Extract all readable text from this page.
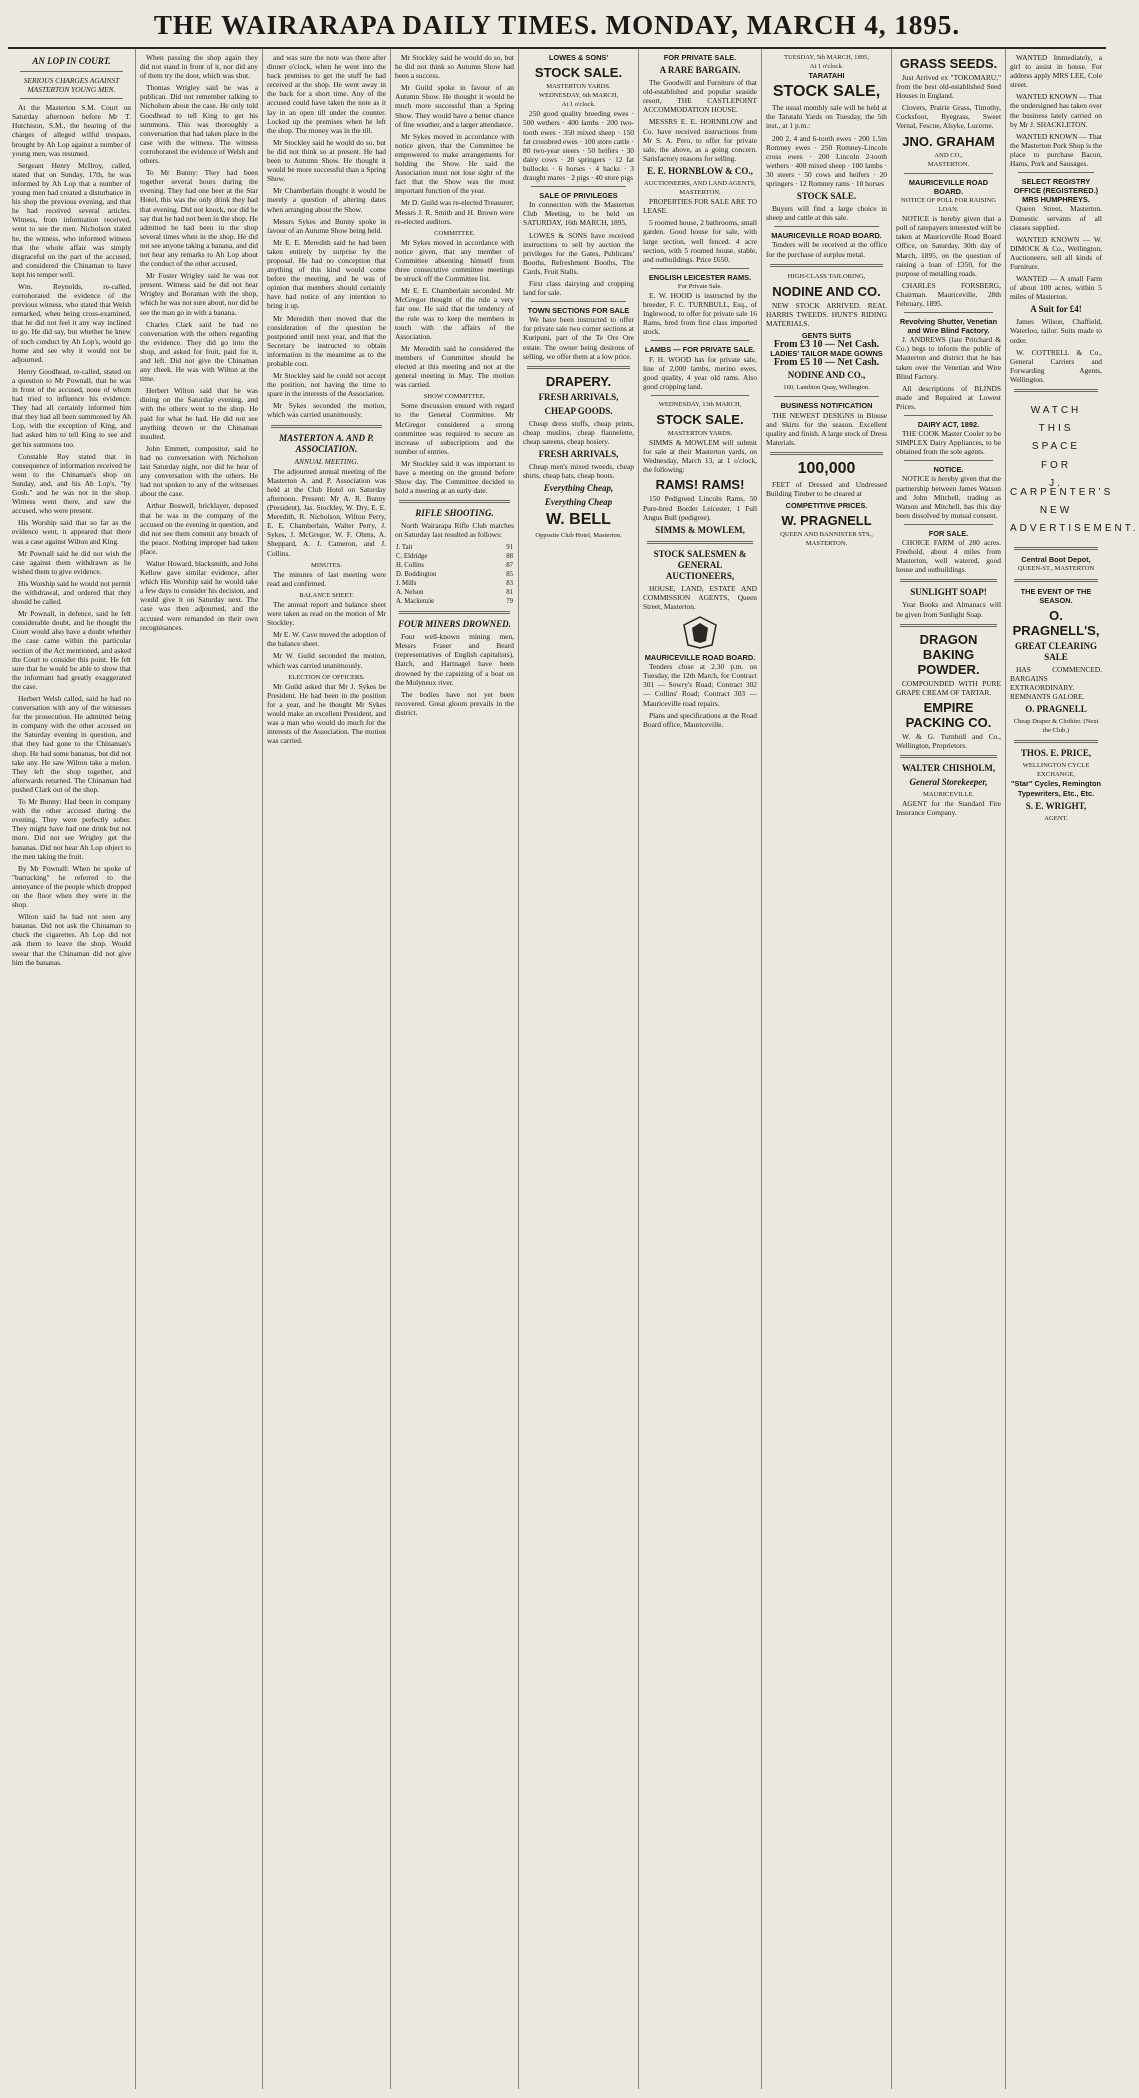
THE WAIRARAPA DAILY TIMES. MONDAY, MARCH 4, 1895.
AN LOP IN COURT.
SERIOUS CHARGES AGAINST MASTERTON YOUNG MEN.

At the Masterton S.M. Court on Saturday afternoon before Mr T. Hutchison, S.M., the hearing of the charges of alleged wilful trespass, brought by Ah Lop against a number of young men, was resumed.

Sergeant Henry McIlroy, called, stated that on Sunday, 17th, he was informed by Ah Lop that a number of young men had created a disturbance in his shop the previous evening, and that he had received several articles. Witness, from information received, went to see the men. Nicholson stated he, the witness, who informed witness that the whole affair was simply disgraceful on the part of the accused, and considered the Chinaman to have kept his temper well.

Wm. Reynolds, re-called, corroborated the evidence of the previous witness, who stated that Welsh remarked, when being cross-examined, that he did not feel it any way inclined to go. He did say, but whether he knew of such conduct by Ah Lop's, would go home and see why it would not be adjourned.

Henry Goodhead, re-called, stated on a question to Mr Pownall, that he was in front of the accused, none of whom had tried to influence his evidence. They had all certainly informed him that they had all been summoned by Ah Lop, with the exception of King, and had asked him to tell King to see and get his summons too.

Constable Roy stated that in consequence of information received he went to the Chinaman's shop on Sunday, and, and his Ah Lop's, "by Gosh." and he was not in the shop. Witness went there, and saw the accused, who were present.

His Worship said that so far as the evidence went, it appeared that there was a case against Wilton and King.

Mr Pownall said he did not wish the case against them withdrawn as he wished them to give evidence.

His Worship said he would not permit the withdrawal, and ordered that they should be called.

Mr Pownall, in defence, said he felt considerable doubt, and he thought the Court would also have a doubt whether the case came within the particular section of the Act mentioned, and asked the Court to consider this point. He felt sure that he would be able to show that the informant had greatly exaggerated the case.

Herbert Welsh called, said he had no conversation with any of the witnesses for the prosecution. He admitted being in company with the other accused on the Saturday evening in question, and that they had gone to the Chinaman's shop. He had some bananas, but did not take any. He saw Wilton take a melon. They left the shop together, and afterwards returned. The Chinaman had pushed Clark out of the shop.

To Mr Bunny: Had been in company with the other accused during the evening. They were perfectly sober. They might have had one drink but not more. Did not see Wrigley get the bananas. Did not hear Ah Lop object to the men taking the fruit.

By Mr Pownall: When he spoke of "barracking" he referred to the annoyance of the people which dropped on the floor when they were in the shop.

Wilton said he had not seen any bananas. Did not ask the Chinaman to chuck the cigarettes. Ah Lop did not ask them to leave the shop. Would swear that the Chinaman did not give him the bananas.

When passing the shop again they did not stand in front of it, nor did any of them try the door, which was shut.

Thomas Wrigley said he was a publican. Did not remember talking to Nicholson about the case. He only told Goodhead to tell King to get his summons. This was thoroughly a conversation that had taken place in the case with the witness. The witness corroborated the evidence of Welsh and others.

To Mr Bunny: They had been together several hours during the evening. They had one beer at the Star Hotel, this was the only drink they had that evening. Did not knock, nor did he say that he had not been in the shop. He admitted he had been in the shop several times when in the shop. He did not see anyone taking a banana, and did not hear any remarks to Ah Lop about the conduct of the other accused.

Mr Foster Wrigley said he was not present. Witness said he did not hear Wrigley and Boraman with the shop, which he was not sure about, nor did he see the man go in with a banana.

Charles Clark said he had no conversation with the others regarding the evidence. They did go into the shop, and asked for fruit, paid for it, and left. Did not give the Chinaman any cheek. He was with Wilton at the time.

Herbert Wilton said that he was dining on the Saturday evening, and with the others went to the shop. He paid for what he had. He did not see anything thrown or the Chinaman insulted.

John Emmett, compositor, said he had no conversation with Nicholson last Saturday night, nor did he hear of any conversation with the others. He had not spoken to any of the witnesses about the case.

Arthur Boswell, bricklayer, deposed that he was in the company of the accused on the evening in question, and did not see them commit any breach of the peace. Nothing improper had taken place.

Walter Howard, blacksmith, and John Kellow gave similar evidence, after which His Worship said he would take a few days to consider his decision, and would give it on Saturday next. The case was then adjourned, and the accused were remanded on their own recognisances.

and was sure the note was there after dinner o'clock, when he went into the back premises to get the stuff he had received at the shop. He went away in the back for a short time. Any of the accused could have taken the note as it lay in an open till under the counter. Locked up the premises when he left the shop. The money was in the till.

Mr Stockley said he would do so, but he did not think so at present. He had been to Autumn Show. He thought it would be more successful than a Spring Show.

Mr Chamberlain thought it would be merely a question of altering dates when arranging about the Show.

Messrs Sykes and Bunny spoke in favour of an Autumn Show being held.

Mr E. E. Meredith said he had been taken entirely by surprise by the proposal. He had no conception that anything of this kind would come before the meeting, and he was of opinion that members should certainly have had notice of any intention to bring it up.

Mr Meredith then moved that the consideration of the question be postponed until next year, and that the Secretary be instructed to obtain information in the meantime as to the probable cost.

Mr Stockley said he could not accept the position, not having the time to spare in the interests of the Association.

Mr Sykes seconded the motion, which was carried unanimously.

MASTERTON A. AND P. ASSOCIATION.
ANNUAL MEETING.

The adjourned annual meeting of the Masterton A. and P. Association was held at the Club Hotel on Saturday afternoon. Present: Mr A. R. Bunny (President), Jas. Stockley, W. Dry, E. E. Meredith, R. Nicholson, Wilton Perry, E. E. Chamberlain, Walter Perry, J. Sykes, J. McGregor, W. F. Ohms, A. Sheppard, A. J. Cameron, and J. Collins.

MINUTES.

The minutes of last meeting were read and confirmed.

BALANCE SHEET.

The annual report and balance sheet were taken as read on the motion of Mr Stockley.

Mr E. W. Cave moved the adoption of the balance sheet.

Mr W. Guild seconded the motion, which was carried unanimously.

ELECTION OF OFFICERS.

Mr Guild asked that Mr J. Sykes be President. He had been in the position for a year, and he thought Mr Sykes would make an excellent President, and was a man who would do much for the interests of the Association. The motion was carried.

Mr Stockley said he would do so, but he did not think so Autumn Show had been a success.

Mr Guild spoke in favour of an Autumn Show. He thought it would be much more successful than a Spring Show. They would have a better chance of fine weather, and a larger attendance.

Mr Sykes moved in accordance with notice given, that the Committee be empowered to make arrangements for holding the Show. He said the Association must not lose sight of the fact that the Show was the most important function of the year.

Mr D. Guild was re-elected Treasurer; Messrs J. R. Smith and H. Brown were re-elected auditors.

COMMITTEE.

Mr Sykes moved in accordance with notice given, that any member of Committee absenting himself from three consecutive committee meetings be struck off the Committee list.

Mr E. E. Chamberlain seconded. Mr McGregor thought of the rule a very fair one. He said that the tendency of the rule was to keep the members in touch with the affairs of the Association.

Mr Meredith said he considered the members of Committee should be elected at this meeting and not at the general meeting in May. The motion was carried.

SHOW COMMITTEE.

Some discussion ensued with regard to the General Committee. Mr McGregor considered a strong committee was required to secure an increase of subscriptions and the number of entries.

Mr Stockley said it was important to have a meeting on the ground before Show day. The Committee decided to hold a meeting at an early date.

RIFLE SHOOTING.

North Wairarapa Rifle Club matches on Saturday last resulted as follows:

J. Tait	91
C. Eldridge	88
H. Collins	87
D. Boddington	85
J. Mills	83
A. Nelson	81
A. Mackenzie	79
FOUR MINERS DROWNED.

Four well-known mining men, Messrs Fraser and Beard (representatives of English capitalists), Hatch, and Hartnagel have been drowned by the capsizing of a boat on the Molyneux river.

The bodies have not yet been recovered. Great gloom prevails in the district.

LOWES & SONS'
STOCK SALE.
MASTERTON YARDS.
WEDNESDAY, 6th MARCH,
At 1 o'clock.

250 good quality breeding ewes · 500 wethers · 400 lambs · 200 two-tooth ewes · 350 mixed sheep · 150 fat crossbred ewes · 100 store cattle · 80 two-year steers · 50 heifers · 30 dairy cows · 20 springers · 12 fat bullocks · 6 horses · 4 hacks · 3 draught mares · 2 pigs · 40 store pigs

SALE OF PRIVILEGES

In connection with the Masterton Club Meeting, to be held on SATURDAY, 16th MARCH, 1895,

LOWES & SONS have received instructions to sell by auction the privileges for the Gates, Publicans' Booths, Refreshment Booths, The Cards, Fruit Stalls.

First class dairying and cropping land for sale.

TOWN SECTIONS FOR SALE

We have been instructed to offer for private sale two corner sections at Kuripuni, part of the Te Ore Ore estate. The owner being desirous of selling, we offer them at a low price.

DRAPERY.
FRESH ARRIVALS,
CHEAP GOODS.

Cheap dress stuffs, cheap prints, cheap muslins, cheap flannelette, cheap sateens, cheap hosiery.

FRESH ARRIVALS,

Cheap men's mixed tweeds, cheap shirts, cheap hats, cheap boots.

Everything Cheap,
Everything Cheap
W. BELL
Opposite Club Hotel, Masterton.
FOR PRIVATE SALE.
A RARE BARGAIN.

The Goodwill and Furniture of that old-established and popular seaside resort, THE CASTLEPOINT ACCOMMODATION HOUSE.

MESSRS E. E. HORNBLOW and Co. have received instructions from Mr S. A. Pero, to offer for private sale, the above, as a going concern. Satisfactory reasons for selling.

E. E. HORNBLOW & CO.,
AUCTIONEERS, AND LAND AGENTS,
MASTERTON.

PROPERTIES FOR SALE ARE TO LEASE.

5 roomed house, 2 bathrooms, small garden. Good house for sale, with large section, well fenced. 4 acre section, with 5 roomed house, stable, and outbuildings. Price £650.

ENGLISH LEICESTER RAMS.
For Private Sale.

E. W. HOOD is instructed by the breeder, F. C. TURNBULL, Esq., of Inglewood, to offer for private sale 16 Rams, bred from first class imported stock.

LAMBS — FOR PRIVATE SALE.

F. H. WOOD has for private sale, line of 2,000 lambs, merino ewes, good quality, 4 year old rams. Also good cropping land.

WEDNESDAY, 13th MARCH,
STOCK SALE.
MASTERTON YARDS.

SIMMS & MOWLEM will submit for sale at their Masterton yards, on Wednesday, March 13, at 1 o'clock, the following:

RAMS! RAMS!

150 Pedigreed Lincoln Rams, 50 Pure-bred Border Leicester, 1 Full Angus Bull (pedigree).

SIMMS & MOWLEM,
STOCK SALESMEN & GENERAL AUCTIONEERS,

HOUSE, LAND, ESTATE AND COMMISSION AGENTS, Queen Street, Masterton.

MAURICEVILLE ROAD BOARD.

Tenders close at 2.30 p.m. on Tuesday, the 12th March, for Contract 301 — Sowry's Road; Contract 302 — Collins' Road; Contract 303 — Mauriceville road repairs.

Plans and specifications at the Road Board office, Mauriceville.

TUESDAY, 5th MARCH, 1895,
At 1 o'clock.
TARATAHI
STOCK SALE,

The usual monthly sale will be held at the Taratahi Yards on Tuesday, the 5th inst., at 1 p.m.:

200 2, 4 and 6-tooth ewes · 200 1.5m Romney ewes · 250 Romney-Lincoln cross ewes · 200 Lincoln 2-tooth wethers · 400 mixed sheep · 100 lambs · 30 steers · 50 cows and heifers · 20 springers · 12 Romney rams · 10 horses

STOCK SALE.

Buyers will find a large choice in sheep and cattle at this sale.

MAURICEVILLE ROAD BOARD.

Tenders will be received at the office for the purchase of surplus metal.

HIGH-CLASS TAILORING,
NODINE AND CO.

NEW STOCK ARRIVED. REAL HARRIS TWEEDS. HUNT'S RIDING MATERIALS.

GENTS SUITS
From £3 10 — Net Cash.
LADIES' TAILOR MADE GOWNS
From £5 10 — Net Cash.
NODINE AND CO.,
160, Lambton Quay, Wellington.
BUSINESS NOTIFICATION

THE NEWEST DESIGNS in Blouse and Skirts for the season. Excellent quality and finish. A large stock of Dress Materials.

100,000

FEET of Dressed and Undressed Building Timber to be cleared at

COMPETITIVE PRICES.
W. PRAGNELL
QUEEN AND BANNISTER STS., MASTERTON.
GRASS SEEDS.

Just Arrived ex "TOKOMARU," from the best old-established Seed Houses in England.

Clovers, Prairie Grass, Timothy, Cocksfoot, Ryegrass, Sweet Vernal, Fescue, Alsyke, Lucerne.

JNO. GRAHAM
AND CO.,
MASTERTON.
MAURICEVILLE ROAD BOARD.
NOTICE OF POLL FOR RAISING LOAN.

NOTICE is hereby given that a poll of ratepayers interested will be taken at Mauriceville Road Board Office, on Saturday, 30th day of March, 1895, on the question of raising a loan of £350, for the purpose of metalling roads.

CHARLES FORSBERG, Chairman. Mauriceville, 28th February, 1895.

Revolving Shutter, Venetian and Wire Blind Factory.

J. ANDREWS (late Pritchard & Co.) begs to inform the public of Masterton and district that he has taken over the Venetian and Wire Blind Factory.

All descriptions of BLINDS made and Repaired at Lowest Prices.

DAIRY ACT, 1892.

THE COOK Master Cooler to be SIMPLEX Dairy Appliances, to be obtained from the sole agents.

NOTICE.

NOTICE is hereby given that the partnership between James Watson and John Mitchell, trading as Watson and Mitchell, has this day been dissolved by mutual consent.

FOR SALE.

CHOICE FARM of 280 acres. Freehold, about 4 miles from Masterton, well watered, good house and outbuildings.

SUNLIGHT SOAP!

Year Books and Almanacs will be given from Sunlight Soap.

DRAGON BAKING POWDER.

COMPOUNDED WITH PURE GRAPE CREAM OF TARTAR.

EMPIRE PACKING CO.

W. & G. Turnbull and Co., Wellington, Proprietors.

WALTER CHISHOLM,
General Storekeeper,
MAURICEVILLE.

AGENT for the Standard Fire Insurance Company.

WANTED Immediately, a girl to assist in house. For address apply MRS LEE, Cole street.

WANTED KNOWN — That the undersigned has taken over the business lately carried on by Mr J. SHACKLETON.

WANTED KNOWN — That the Masterton Pork Shop is the place to purchase Bacon, Hams, Pork and Sausages.

SELECT REGISTRY OFFICE (REGISTERED.) MRS HUMPHREYS.

Queen Street, Masterton. Domestic servants of all classes supplied.

WANTED KNOWN — W. DIMOCK & Co., Wellington, Auctioneers, sell all kinds of Furniture.

WANTED — A small Farm of about 100 acres, within 5 miles of Masterton.

A Suit for £4!

James Wilson, Chaffield, Waterloo, tailor. Suits made to order.

W. COTTRELL & Co., General Carriers and Forwarding Agents, Wellington.

WATCH

THIS

SPACE

FOR

J. CARPENTER'S

NEW

ADVERTISEMENT.
Central Boot Depot,
QUEEN-ST., MASTERTON
THE EVENT OF THE SEASON.
O. PRAGNELL'S,
GREAT CLEARING SALE

HAS COMMENCED. BARGAINS EXTRAORDINARY. REMNANTS GALORE.

O. PRAGNELL
Cheap Draper & Clothier. (Next the Club.)
THOS. E. PRICE,
WELLINGTON CYCLE EXCHANGE,
"Star" Cycles, Remington Typewriters, Etc., Etc.
S. E. WRIGHT,
AGENT.
